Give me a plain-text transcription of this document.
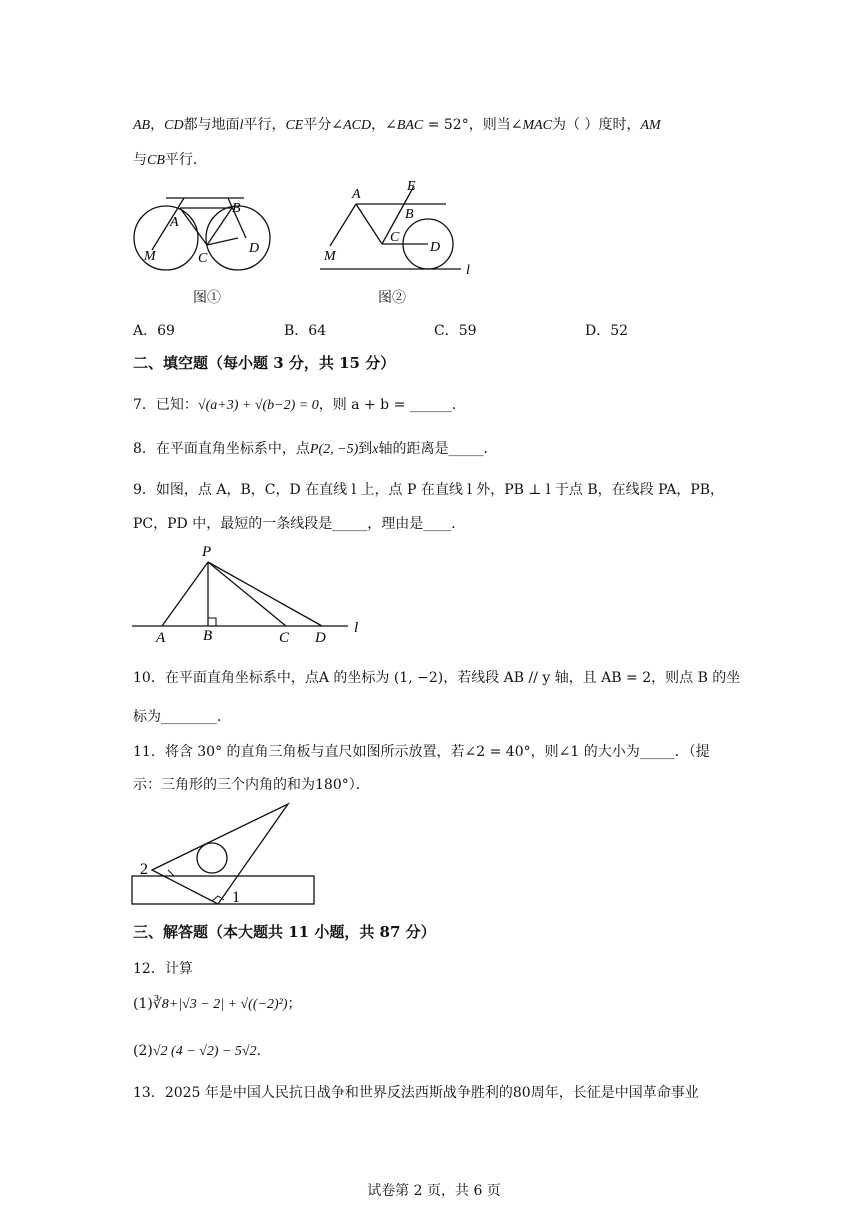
AB，CD都与地面l平行，CE平分∠ACD，∠BAC = 52°，则当∠MAC为（ ）度时，AM
与CB平行．
A
B
M	C
D
图①
A
E
B
C
D
M
l
图②
A．69	B．64	C．59	D．52
二、填空题（每小题 3 分，共 15 分）
7．已知：√(a+3) + √(b−2) = 0，则 a + b = ______．
8．在平面直角坐标系中，点P(2, −5)到x轴的距离是_____．
9．如图，点 A，B，C，D 在直线 l 上，点 P 在直线 l 外，PB ⊥ l 于点 B，在线段 PA，PB，
PC，PD 中，最短的一条线段是_____，理由是____．
P
A	B	C D
l
10．在平面直角坐标系中，点A 的坐标为 (1, −2)，若线段 AB // y 轴，且 AB = 2，则点 B 的坐
标为________．
11．将含 30° 的直角三角板与直尺如图所示放置，若∠2 = 40°，则∠1 的大小为_____．（提
示：三角形的三个内角的和为180°）．
2
1
三、解答题（本大题共 11 小题，共 87 分）
12．计算
(1)∛8+|√3 − 2| + √((−2)²)；
(2)√2 (4 − √2) − 5√2．
13．2025 年是中国人民抗日战争和世界反法西斯战争胜利的80周年，长征是中国革命事业
试卷第 2 页，共 6 页
